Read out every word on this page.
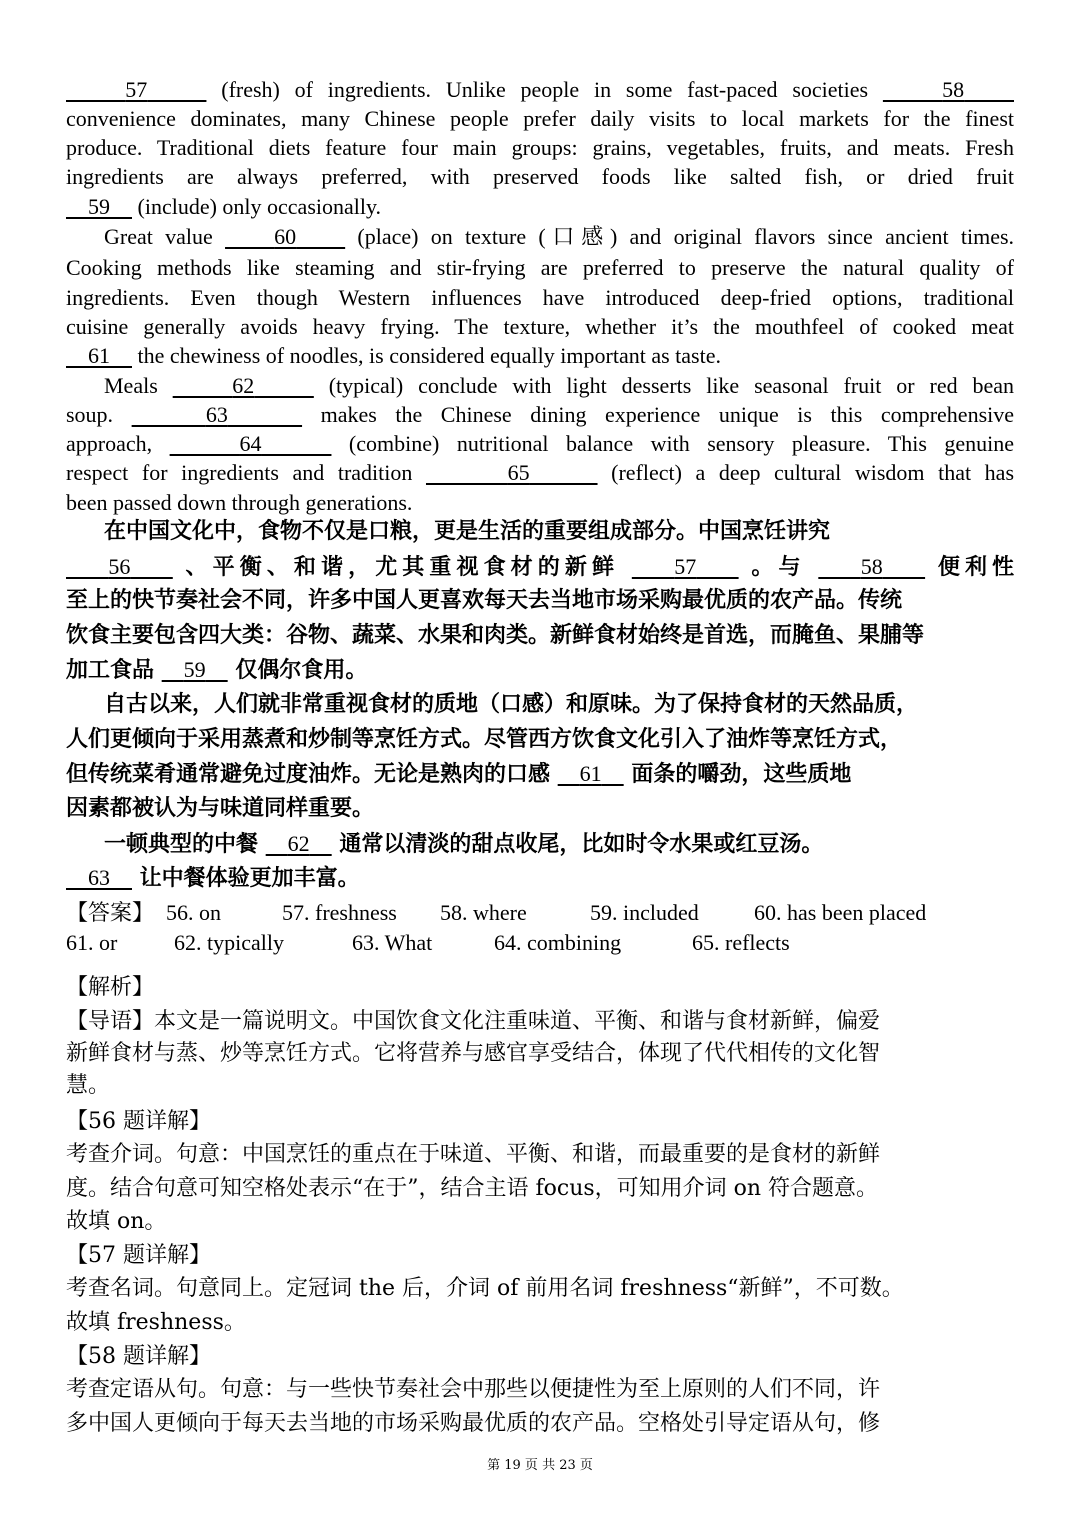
57	(fresh) of ingredients. Unlike people in some fast-paced societies	58
convenience dominates, many Chinese people prefer daily visits to local markets for the finest
produce. Traditional diets feature four main groups: grains, vegetables, fruits, and meats. Fresh
ingredients are always preferred, with preserved foods like salted fish, or dried fruit
59     (include) only occasionally.
Great value     60     (place) on texture (口感) and original flavors since ancient times.
Cooking methods like steaming and stir-frying are preferred to preserve the natural quality of
ingredients. Even though Western influences have introduced deep-fried options, traditional
cuisine generally avoids heavy frying. The texture, whether it’s the mouthfeel of cooked meat
61     the chewiness of noodles, is considered equally important as taste.
Meals	62	(typical) conclude with light desserts like seasonal fruit or red bean
soup.	63	makes the Chinese dining experience unique is this comprehensive
approach,	64	(combine) nutritional balance with sensory pleasure. This genuine
respect for ingredients and tradition	65	(reflect) a deep cultural wisdom that has
been passed down through generations.
在中国文化中，食物不仅是口粮，更是生活的重要组成部分。中国烹饪讲究
56     、平衡、和谐，尤其重视食材的新鲜     57     。与     58     便利性
至上的快节奏社会不同，许多中国人更喜欢每天去当地市场采购最优质的农产品。传统
饮食主要包含四大类：谷物、蔬菜、水果和肉类。新鲜食材始终是首选，而腌鱼、果脯等
加工食品     59     仅偶尔食用。
自古以来，人们就非常重视食材的质地（口感）和原味。为了保持食材的天然品质，
人们更倾向于采用蒸煮和炒制等烹饪方式。尽管西方饮食文化引入了油炸等烹饪方式，
但传统菜肴通常避免过度油炸。无论是熟肉的口感     61     面条的嚼劲，这些质地
因素都被认为与味道同样重要。
一顿典型的中餐     62     通常以清淡的甜点收尾，比如时令水果或红豆汤。
63     让中餐体验更加丰富。
【答案】 56. on	57. freshness 58. where	59. included	60. has been placed
61. or	62. typically	63. What	64. combining	65. reflects
【解析】
【导语】本文是一篇说明文。中国饮食文化注重味道、平衡、和谐与食材新鲜，偏爱
新鲜食材与蒸、炒等烹饪方式。它将营养与感官享受结合，体现了代代相传的文化智
慧。
【56 题详解】
考查介词。句意：中国烹饪的重点在于味道、平衡、和谐，而最重要的是食材的新鲜
度。结合句意可知空格处表示“在于”，结合主语 focus，可知用介词 on 符合题意。
故填 on。
【57 题详解】
考查名词。句意同上。定冠词 the 后，介词 of 前用名词 freshness“新鲜”，不可数。
故填 freshness。
【58 题详解】
考查定语从句。句意：与一些快节奏社会中那些以便捷性为至上原则的人们不同，许
多中国人更倾向于每天去当地的市场采购最优质的农产品。空格处引导定语从句，修
第 19 页 共 23 页
